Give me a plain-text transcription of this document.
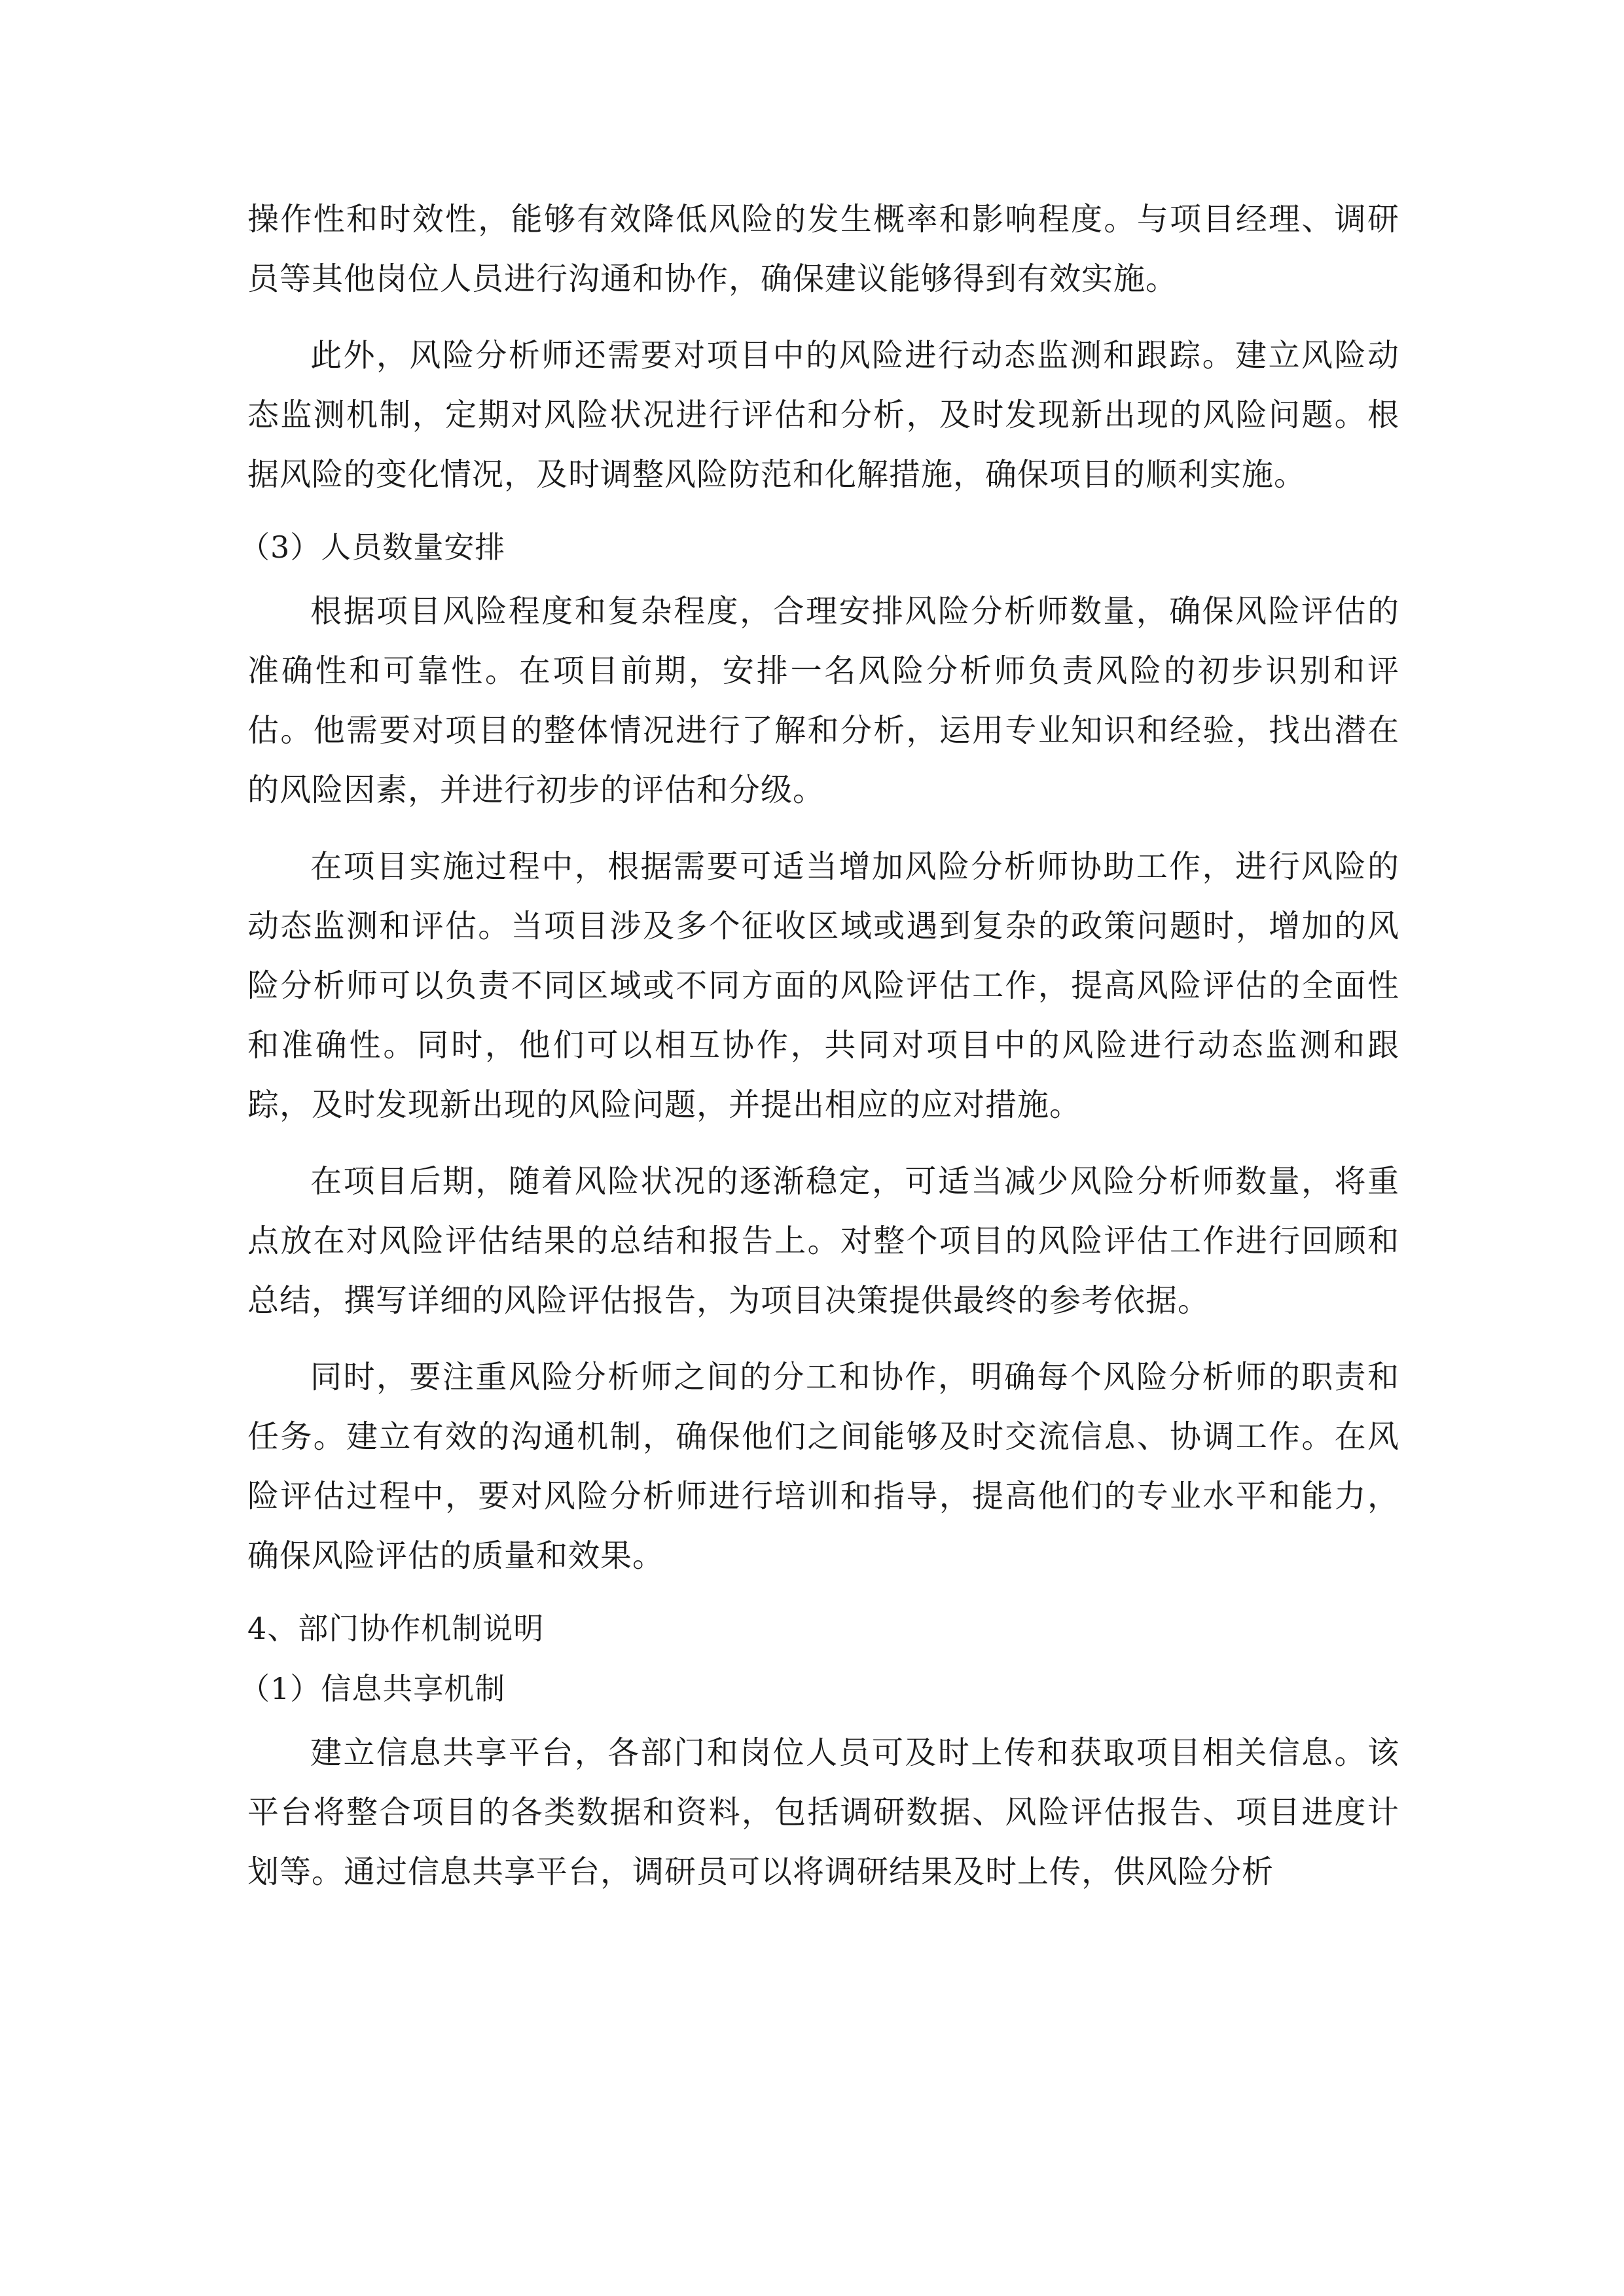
操作性和时效性，能够有效降低风险的发生概率和影响程度。与项目经理、调研员等其他岗位人员进行沟通和协作，确保建议能够得到有效实施。

此外，风险分析师还需要对项目中的风险进行动态监测和跟踪。建立风险动态监测机制，定期对风险状况进行评估和分析，及时发现新出现的风险问题。根据风险的变化情况，及时调整风险防范和化解措施，确保项目的顺利实施。

（3）人员数量安排

根据项目风险程度和复杂程度，合理安排风险分析师数量，确保风险评估的准确性和可靠性。在项目前期，安排一名风险分析师负责风险的初步识别和评估。他需要对项目的整体情况进行了解和分析，运用专业知识和经验，找出潜在的风险因素，并进行初步的评估和分级。

在项目实施过程中，根据需要可适当增加风险分析师协助工作，进行风险的动态监测和评估。当项目涉及多个征收区域或遇到复杂的政策问题时，增加的风险分析师可以负责不同区域或不同方面的风险评估工作，提高风险评估的全面性和准确性。同时，他们可以相互协作，共同对项目中的风险进行动态监测和跟踪，及时发现新出现的风险问题，并提出相应的应对措施。

在项目后期，随着风险状况的逐渐稳定，可适当减少风险分析师数量，将重点放在对风险评估结果的总结和报告上。对整个项目的风险评估工作进行回顾和总结，撰写详细的风险评估报告，为项目决策提供最终的参考依据。

同时，要注重风险分析师之间的分工和协作，明确每个风险分析师的职责和任务。建立有效的沟通机制，确保他们之间能够及时交流信息、协调工作。在风险评估过程中，要对风险分析师进行培训和指导，提高他们的专业水平和能力，确保风险评估的质量和效果。

4、部门协作机制说明

（1）信息共享机制

建立信息共享平台，各部门和岗位人员可及时上传和获取项目相关信息。该平台将整合项目的各类数据和资料，包括调研数据、风险评估报告、项目进度计划等。通过信息共享平台，调研员可以将调研结果及时上传，供风险分析
